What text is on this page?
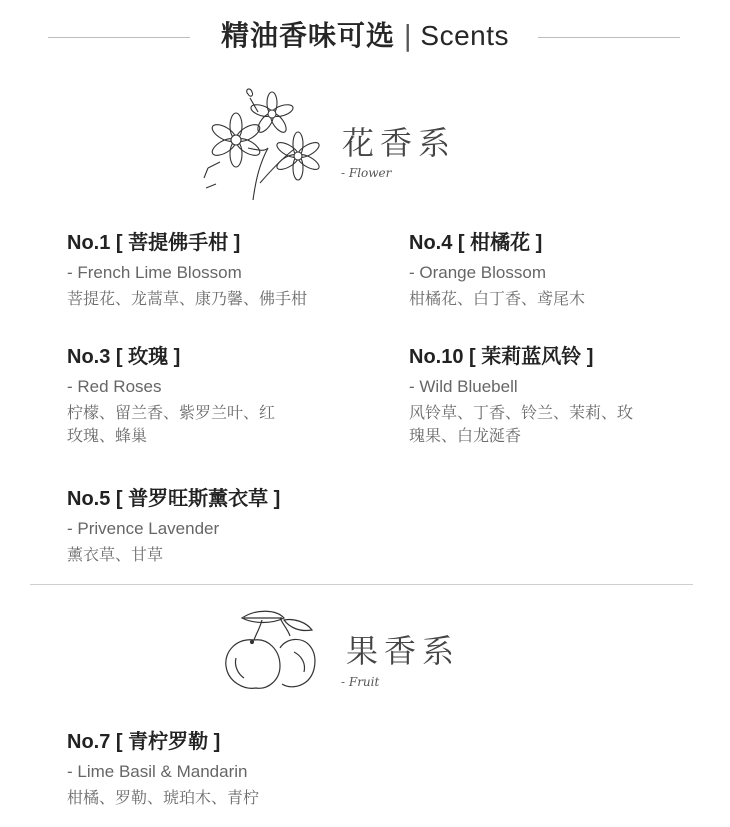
精油香味可选 | Scents
花香系
- Flower
No.1 [ 菩提佛手柑 ]
- French Lime Blossom
菩提花、龙蒿草、康乃馨、佛手柑
No.4 [ 柑橘花 ]
- Orange Blossom
柑橘花、白丁香、鸢尾木
No.3 [ 玫瑰 ]
- Red Roses
柠檬、留兰香、紫罗兰叶、红玫瑰、蜂巢
No.10 [ 茉莉蓝风铃 ]
- Wild Bluebell
风铃草、丁香、铃兰、茉莉、玫瑰果、白龙涎香
No.5 [ 普罗旺斯薰衣草 ]
- Privence Lavender
薰衣草、甘草
果香系
- Fruit
No.7 [ 青柠罗勒 ]
- Lime Basil & Mandarin
柑橘、罗勒、琥珀木、青柠
